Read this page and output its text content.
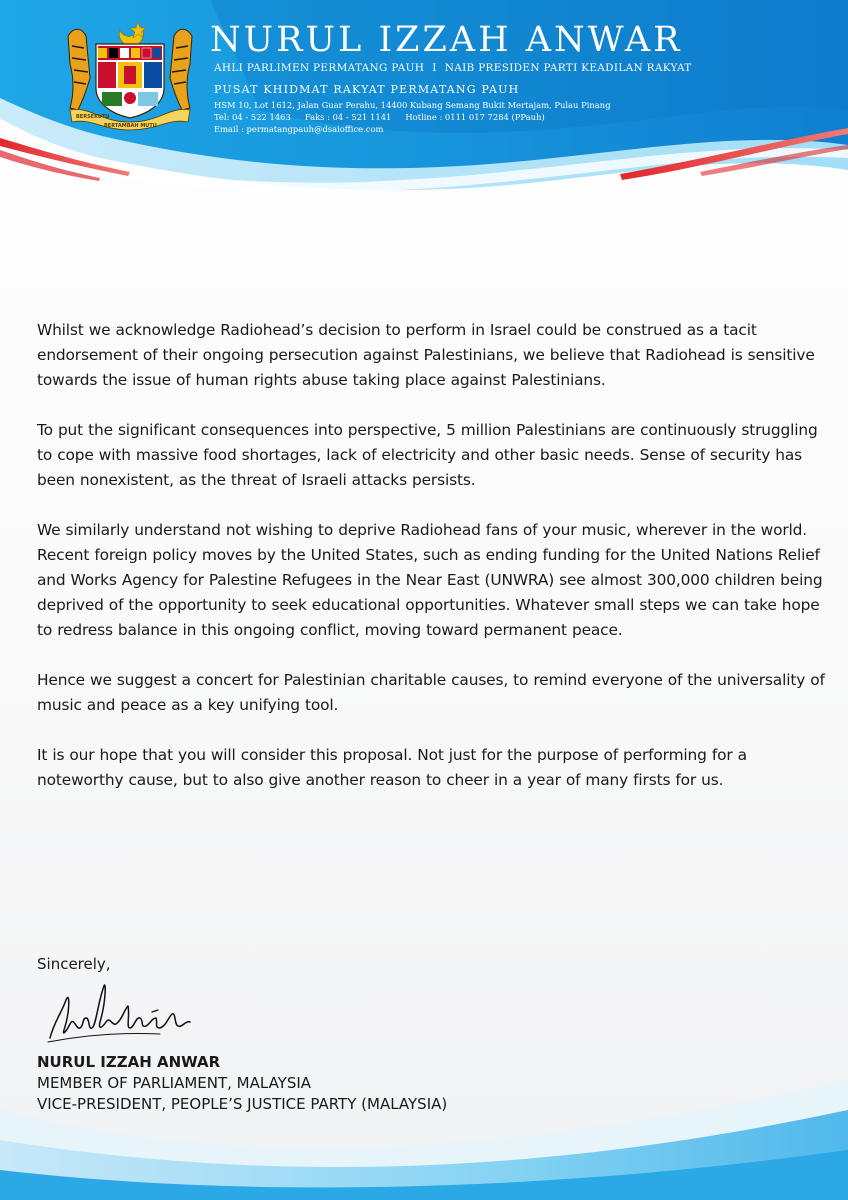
BERSEKUTU
BERTAMBAH MUTU
NURUL IZZAH ANWAR
AHLI PARLIMEN PERMATANG PAUH I NAIB PRESIDEN PARTI KEADILAN RAKYAT
PUSAT KHIDMAT RAKYAT PERMATANG PAUH
HSM 10, Lot 1612, Jalan Guar Perahu, 14400 Kubang Semang Bukit Mertajam, Pulau Pinang
Tel: 04 - 522 1463 Faks : 04 - 521 1141 Hotline : 0111 017 7284 (PPauh)
Email : permatangpauh@dsaioffice.com

Whilst we acknowledge Radiohead’s decision to perform in Israel could be construed as a tacit endorsement of their ongoing persecution against Palestinians, we believe that Radiohead is sensitive towards the issue of human rights abuse taking place against Palestinians.

To put the significant consequences into perspective, 5 million Palestinians are continuously struggling to cope with massive food shortages, lack of electricity and other basic needs. Sense of security has been nonexistent, as the threat of Israeli attacks persists.

We similarly understand not wishing to deprive Radiohead fans of your music, wherever in the world. Recent foreign policy moves by the United States, such as ending funding for the United Nations Relief and Works Agency for Palestine Refugees in the Near East (UNWRA) see almost 300,000 children being deprived of the opportunity to seek educational opportunities. Whatever small steps we can take hope to redress balance in this ongoing conflict, moving toward permanent peace.

Hence we suggest a concert for Palestinian charitable causes, to remind everyone of the universality of music and peace as a key unifying tool.

It is our hope that you will consider this proposal. Not just for the purpose of performing for a noteworthy cause, but to also give another reason to cheer in a year of many firsts for us.

Sincerely,
NURUL IZZAH ANWAR
MEMBER OF PARLIAMENT, MALAYSIA
VICE-PRESIDENT, PEOPLE’S JUSTICE PARTY (MALAYSIA)
